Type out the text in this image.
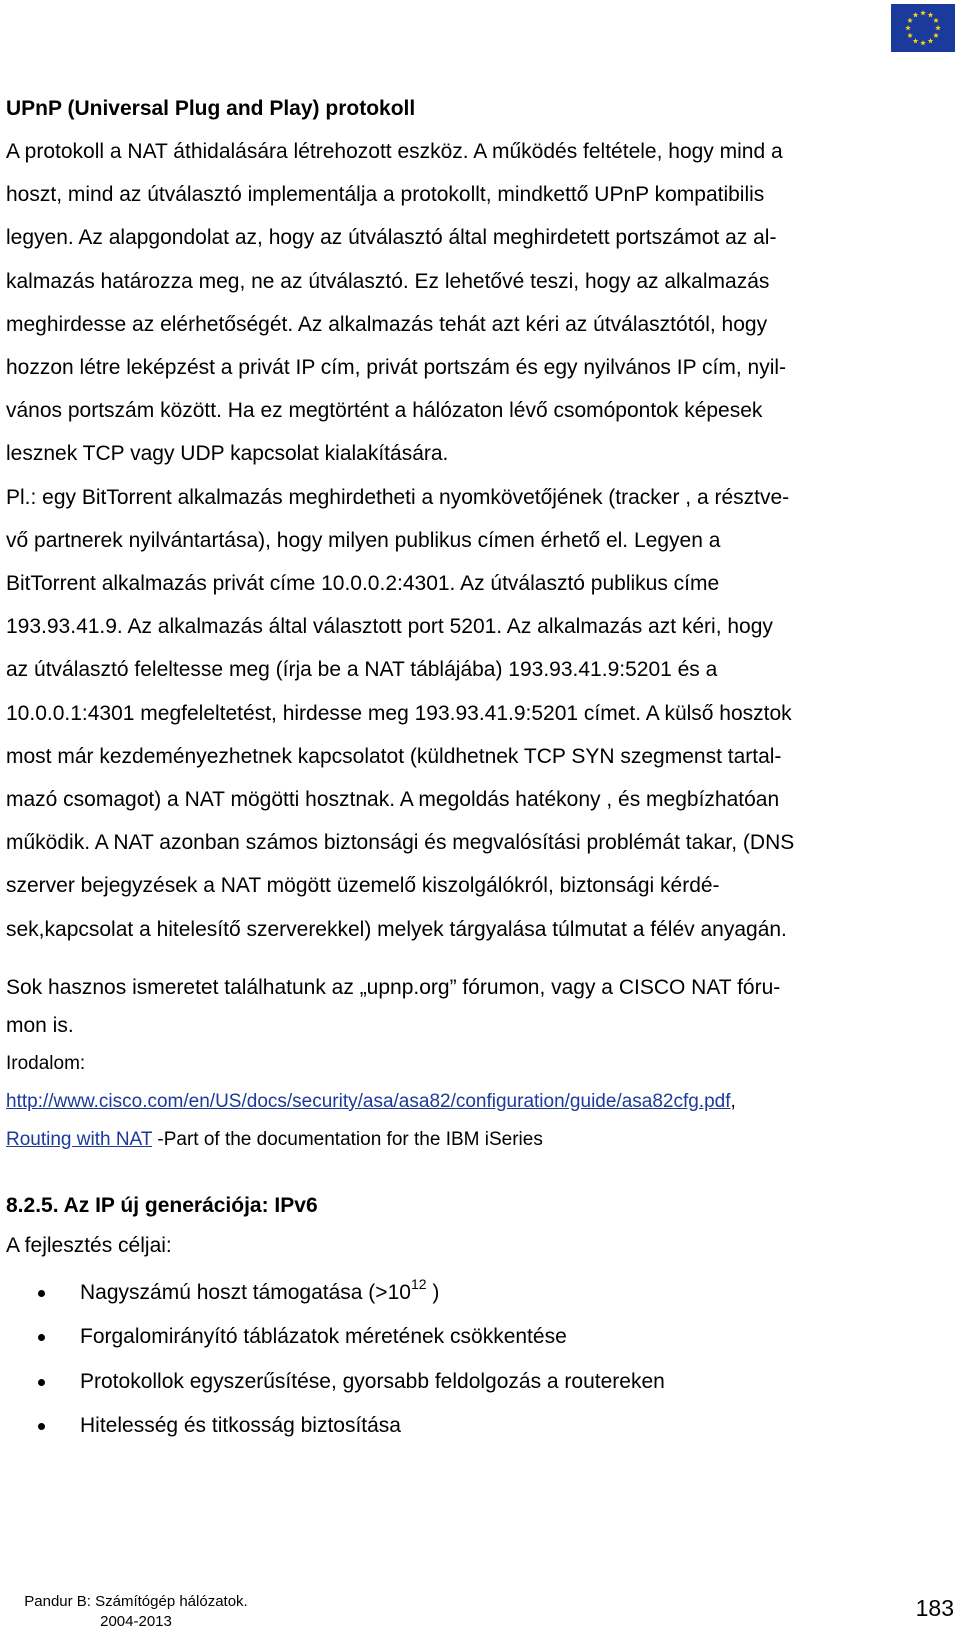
UPnP (Universal Plug and Play) protokoll

A protokoll a NAT áthidalására létrehozott eszköz. A működés feltétele, hogy mind a
hoszt, mind az útválasztó implementálja a protokollt, mindkettő UPnP kompatibilis
legyen. Az alapgondolat az, hogy az útválasztó által meghirdetett portszámot az al-
kalmazás határozza meg, ne az útválasztó. Ez lehetővé teszi, hogy az alkalmazás
meghirdesse az elérhetőségét. Az alkalmazás tehát azt kéri az útválasztótól, hogy
hozzon létre leképzést a privát IP cím, privát portszám és egy nyilvános IP cím, nyil-
vános portszám között. Ha ez megtörtént a hálózaton lévő csomópontok képesek
lesznek TCP vagy UDP kapcsolat kialakítására.
Pl.: egy BitTorrent alkalmazás meghirdetheti a nyomkövetőjének (tracker , a résztve-
vő partnerek nyilvántartása), hogy milyen publikus címen érhető el. Legyen a
BitTorrent alkalmazás privát címe 10.0.0.2:4301. Az útválasztó publikus címe
193.93.41.9. Az alkalmazás által választott port 5201. Az alkalmazás azt kéri, hogy
az útválasztó feleltesse meg (írja be a NAT táblájába) 193.93.41.9:5201 és a
10.0.0.1:4301 megfeleltetést, hirdesse meg 193.93.41.9:5201 címet. A külső hosztok
most már kezdeményezhetnek kapcsolatot (küldhetnek TCP SYN szegmenst tartal-
mazó csomagot) a NAT mögötti hosztnak. A megoldás hatékony , és megbízhatóan
működik. A NAT azonban számos biztonsági és megvalósítási problémát takar, (DNS
szerver bejegyzések a NAT mögött üzemelő kiszolgálókról, biztonsági kérdé-
sek,kapcsolat a hitelesítő szerverekkel) melyek tárgyalása túlmutat a félév anyagán.
Sok hasznos ismeretet találhatunk az „upnp.org” fórumon, vagy a CISCO NAT fóru-
mon is.
Irodalom:
http://www.cisco.com/en/US/docs/security/asa/asa82/configuration/guide/asa82cfg.pdf,
Routing with NAT -Part of the documentation for the IBM iSeries

8.2.5. Az IP új generációja: IPv6

A fejlesztés céljai:
Nagyszámú hoszt támogatása ($>10^{12}$ )
Forgalomirányító táblázatok méretének csökkentése
Protokollok egyszerűsítése, gyorsabb feldolgozás a routereken
Hitelesség és titkosság biztosítása
Pandur B: Számítógép hálózatok.
2004-2013
183
